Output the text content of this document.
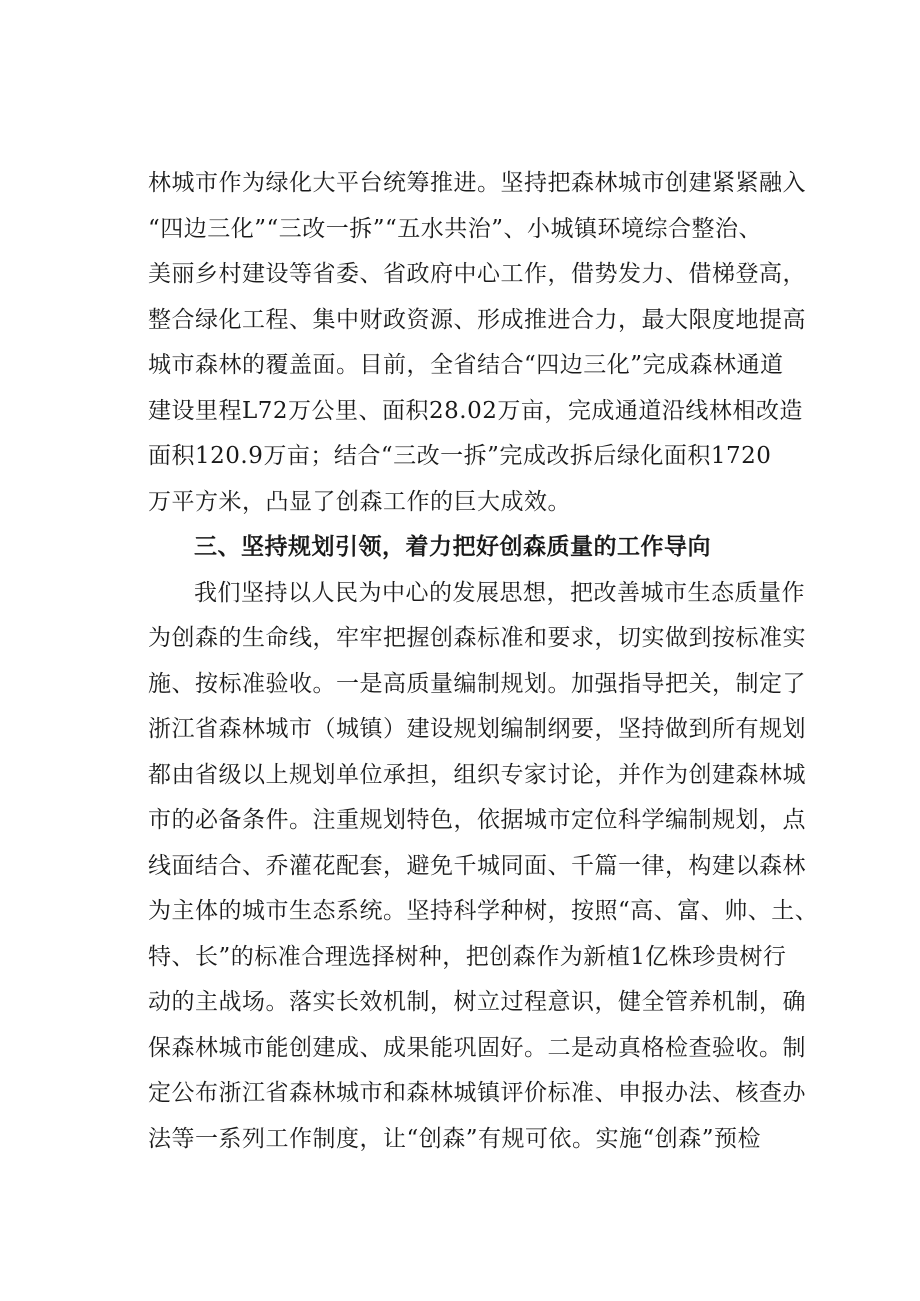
林城市作为绿化大平台统筹推进。坚持把森林城市创建紧紧融入
“四边三化”“三改一拆”“五水共治”、小城镇环境综合整治、
美丽乡村建设等省委、省政府中心工作，借势发力、借梯登高，
整合绿化工程、集中财政资源、形成推进合力，最大限度地提高
城市森林的覆盖面。目前，全省结合“四边三化”完成森林通道
建设里程L72万公里、面积28.02万亩，完成通道沿线林相改造
面积120.9万亩；结合“三改一拆”完成改拆后绿化面积1720
万平方米，凸显了创森工作的巨大成效。
三、坚持规划引领，着力把好创森质量的工作导向
我们坚持以人民为中心的发展思想，把改善城市生态质量作
为创森的生命线，牢牢把握创森标准和要求，切实做到按标准实
施、按标准验收。一是高质量编制规划。加强指导把关，制定了
浙江省森林城市（城镇）建设规划编制纲要，坚持做到所有规划
都由省级以上规划单位承担，组织专家讨论，并作为创建森林城
市的必备条件。注重规划特色，依据城市定位科学编制规划，点
线面结合、乔灌花配套，避免千城同面、千篇一律，构建以森林
为主体的城市生态系统。坚持科学种树，按照“高、富、帅、土、
特、长”的标准合理选择树种，把创森作为新植1亿株珍贵树行
动的主战场。落实长效机制，树立过程意识，健全管养机制，确
保森林城市能创建成、成果能巩固好。二是动真格检查验收。制
定公布浙江省森林城市和森林城镇评价标准、申报办法、核查办
法等一系列工作制度，让“创森”有规可依。实施“创森”预检
